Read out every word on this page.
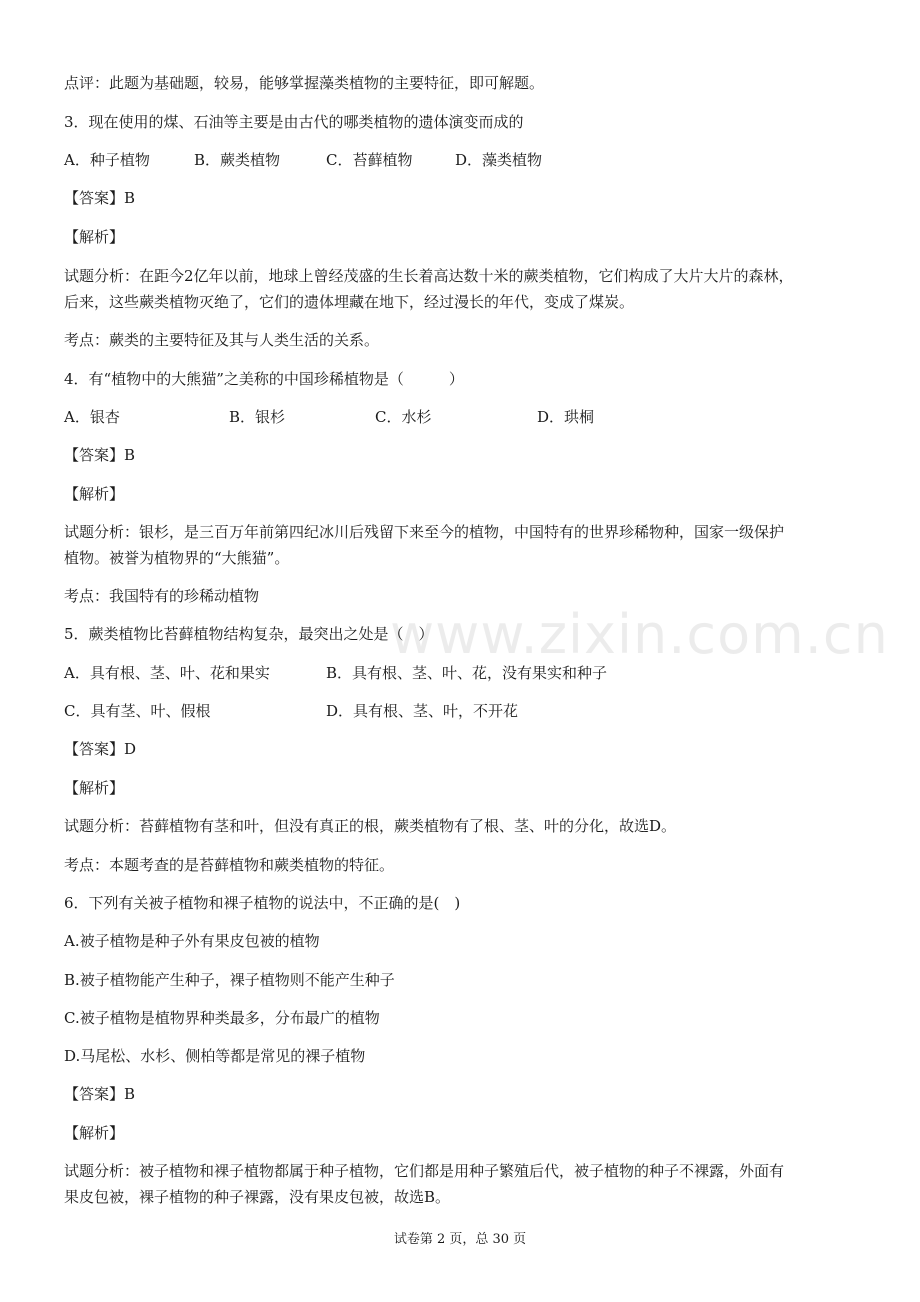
www.zixin.com.cn
点评：此题为基础题，较易，能够掌握藻类植物的主要特征，即可解题。
3．现在使用的煤、石油等主要是由古代的哪类植物的遗体演变而成的
A．种子植物	B．蕨类植物	C．苔藓植物	D．藻类植物
【答案】B
【解析】
试题分析：在距今2亿年以前，地球上曾经茂盛的生长着高达数十米的蕨类植物，它们构成了大片大片的森林，
后来，这些蕨类植物灭绝了，它们的遗体埋藏在地下，经过漫长的年代，变成了煤炭。
考点：蕨类的主要特征及其与人类生活的关系。
4．有“植物中的大熊猫”之美称的中国珍稀植物是（　　　）
A．银杏	B．银杉	C．水杉	D．珙桐
【答案】B
【解析】
试题分析：银杉，是三百万年前第四纪冰川后残留下来至今的植物，中国特有的世界珍稀物种，国家一级保护
植物。被誉为植物界的“大熊猫”。
考点：我国特有的珍稀动植物
5．蕨类植物比苔藓植物结构复杂，最突出之处是（　）
A．具有根、茎、叶、花和果实	B．具有根、茎、叶、花，没有果实和种子
C．具有茎、叶、假根	D．具有根、茎、叶，不开花
【答案】D
【解析】
试题分析：苔藓植物有茎和叶，但没有真正的根，蕨类植物有了根、茎、叶的分化，故选D。
考点：本题考查的是苔藓植物和蕨类植物的特征。
6．下列有关被子植物和裸子植物的说法中，不正确的是(　)
A.被子植物是种子外有果皮包被的植物
B.被子植物能产生种子，裸子植物则不能产生种子
C.被子植物是植物界种类最多，分布最广的植物
D.马尾松、水杉、侧柏等都是常见的裸子植物
【答案】B
【解析】
试题分析：被子植物和裸子植物都属于种子植物，它们都是用种子繁殖后代，被子植物的种子不裸露，外面有
果皮包被，裸子植物的种子裸露，没有果皮包被，故选B。
试卷第 2 页，总 30 页
